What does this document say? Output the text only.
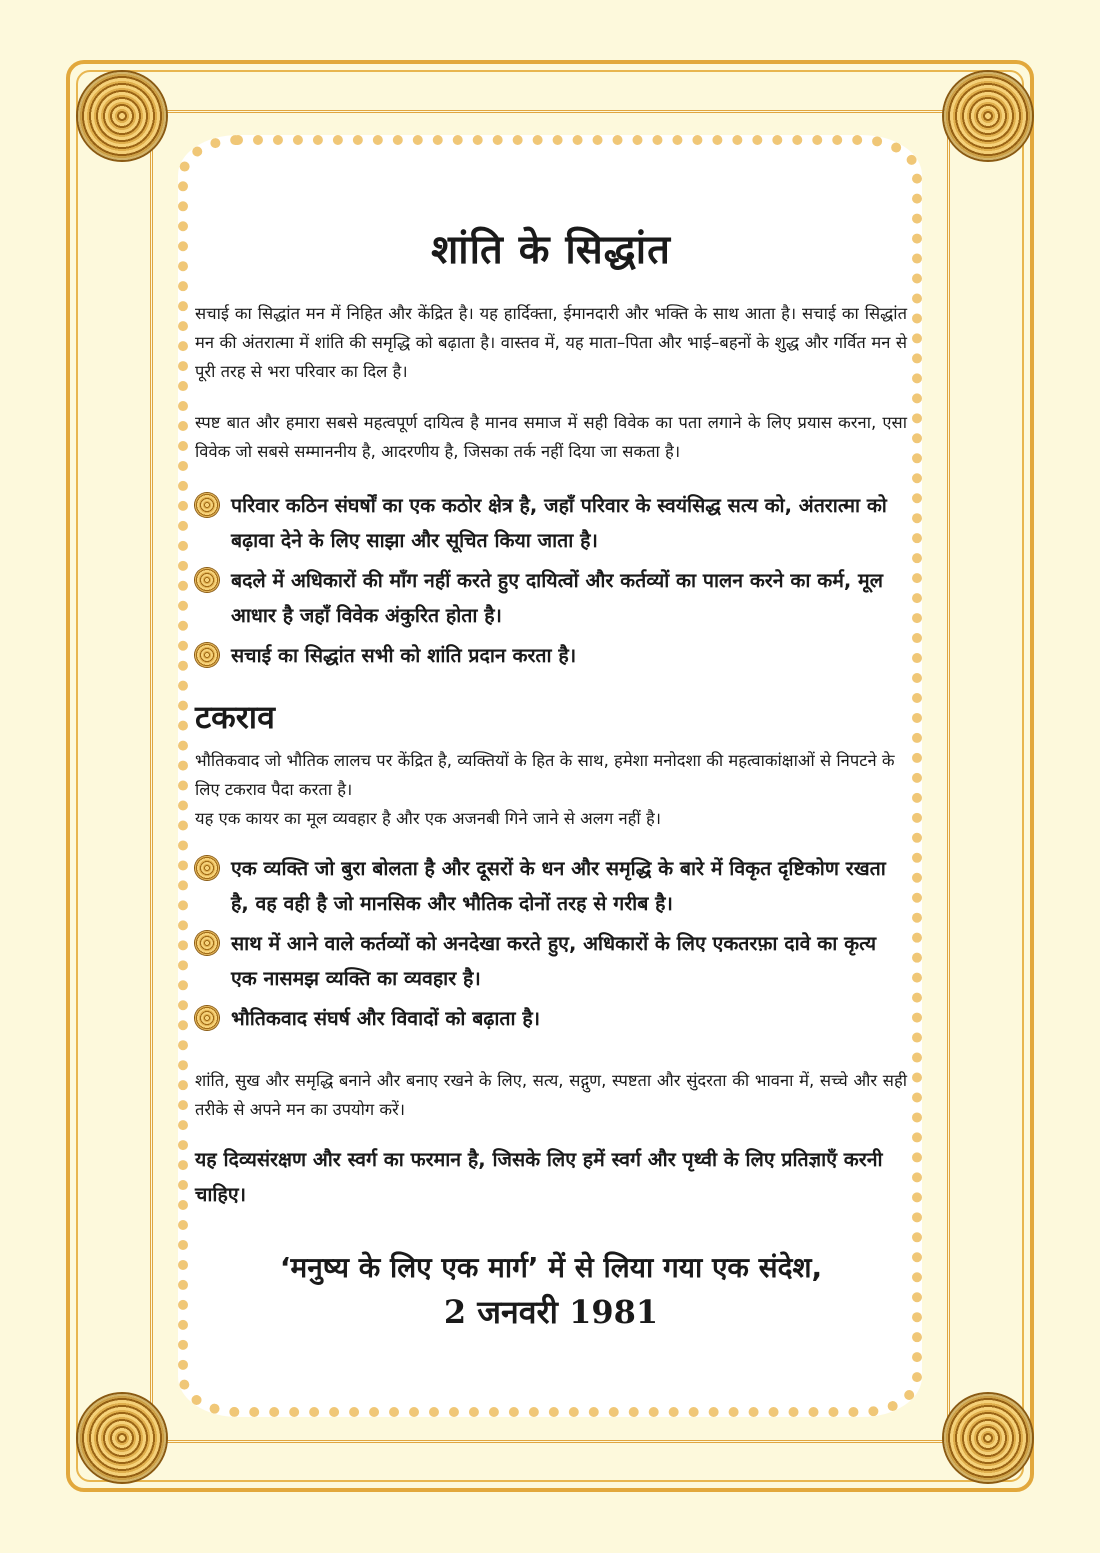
शांति के सिद्धांत

सचाई का सिद्धांत मन में निहित और केंद्रित है। यह हार्दिक्ता, ईमानदारी और भक्ति के साथ आता है। सचाई का सिद्धांत मन की अंतरात्मा में शांति की समृद्धि को बढ़ाता है। वास्तव में, यह माता–पिता और भाई–बहनों के शुद्ध और गर्वित मन से पूरी तरह से भरा परिवार का दिल है।

स्पष्ट बात और हमारा सबसे महत्वपूर्ण दायित्व है मानव समाज में सही विवेक का पता लगाने के लिए प्रयास करना, एसा विवेक जो सबसे सम्माननीय है, आदरणीय है, जिसका तर्क नहीं दिया जा सकता है।

परिवार कठिन संघर्षों का एक कठोर क्षेत्र है, जहाँ परिवार के स्वयंसिद्ध सत्य को, अंतरात्मा को बढ़ावा देने के लिए साझा और सूचित किया जाता है।
बदले में अधिकारों की माँग नहीं करते हुए दायित्वों और कर्तव्यों का पालन करने का कर्म, मूल आधार है जहाँ विवेक अंकुरित होता है।
सचाई का सिद्धांत सभी को शांति प्रदान करता है।
टकराव

भौतिकवाद जो भौतिक लालच पर केंद्रित है, व्यक्तियों के हित के साथ, हमेशा मनोदशा की महत्वाकांक्षाओं से निपटने के लिए टकराव पैदा करता है।

यह एक कायर का मूल व्यवहार है और एक अजनबी गिने जाने से अलग नहीं है।

एक व्यक्ति जो बुरा बोलता है और दूसरों के धन और समृद्धि के बारे में विकृत दृष्टिकोण रखता है, वह वही है जो मानसिक और भौतिक दोनों तरह से गरीब है।
साथ में आने वाले कर्तव्यों को अनदेखा करते हुए, अधिकारों के लिए एकतरफ़ा दावे का कृत्य एक नासमझ व्यक्ति का व्यवहार है।
भौतिकवाद संघर्ष और विवादों को बढ़ाता है।

शांति, सुख और समृद्धि बनाने और बनाए रखने के लिए, सत्य, सद्गुण, स्पष्टता और सुंदरता की भावना में, सच्चे और सही तरीके से अपने मन का उपयोग करें।

यह दिव्यसंरक्षण और स्वर्ग का फरमान है, जिसके लिए हमें स्वर्ग और पृथ्वी के लिए प्रतिज्ञाएँ करनी चाहिए।

‘मनुष्य के लिए एक मार्ग’ में से लिया गया एक संदेश,
2 जनवरी 1981
